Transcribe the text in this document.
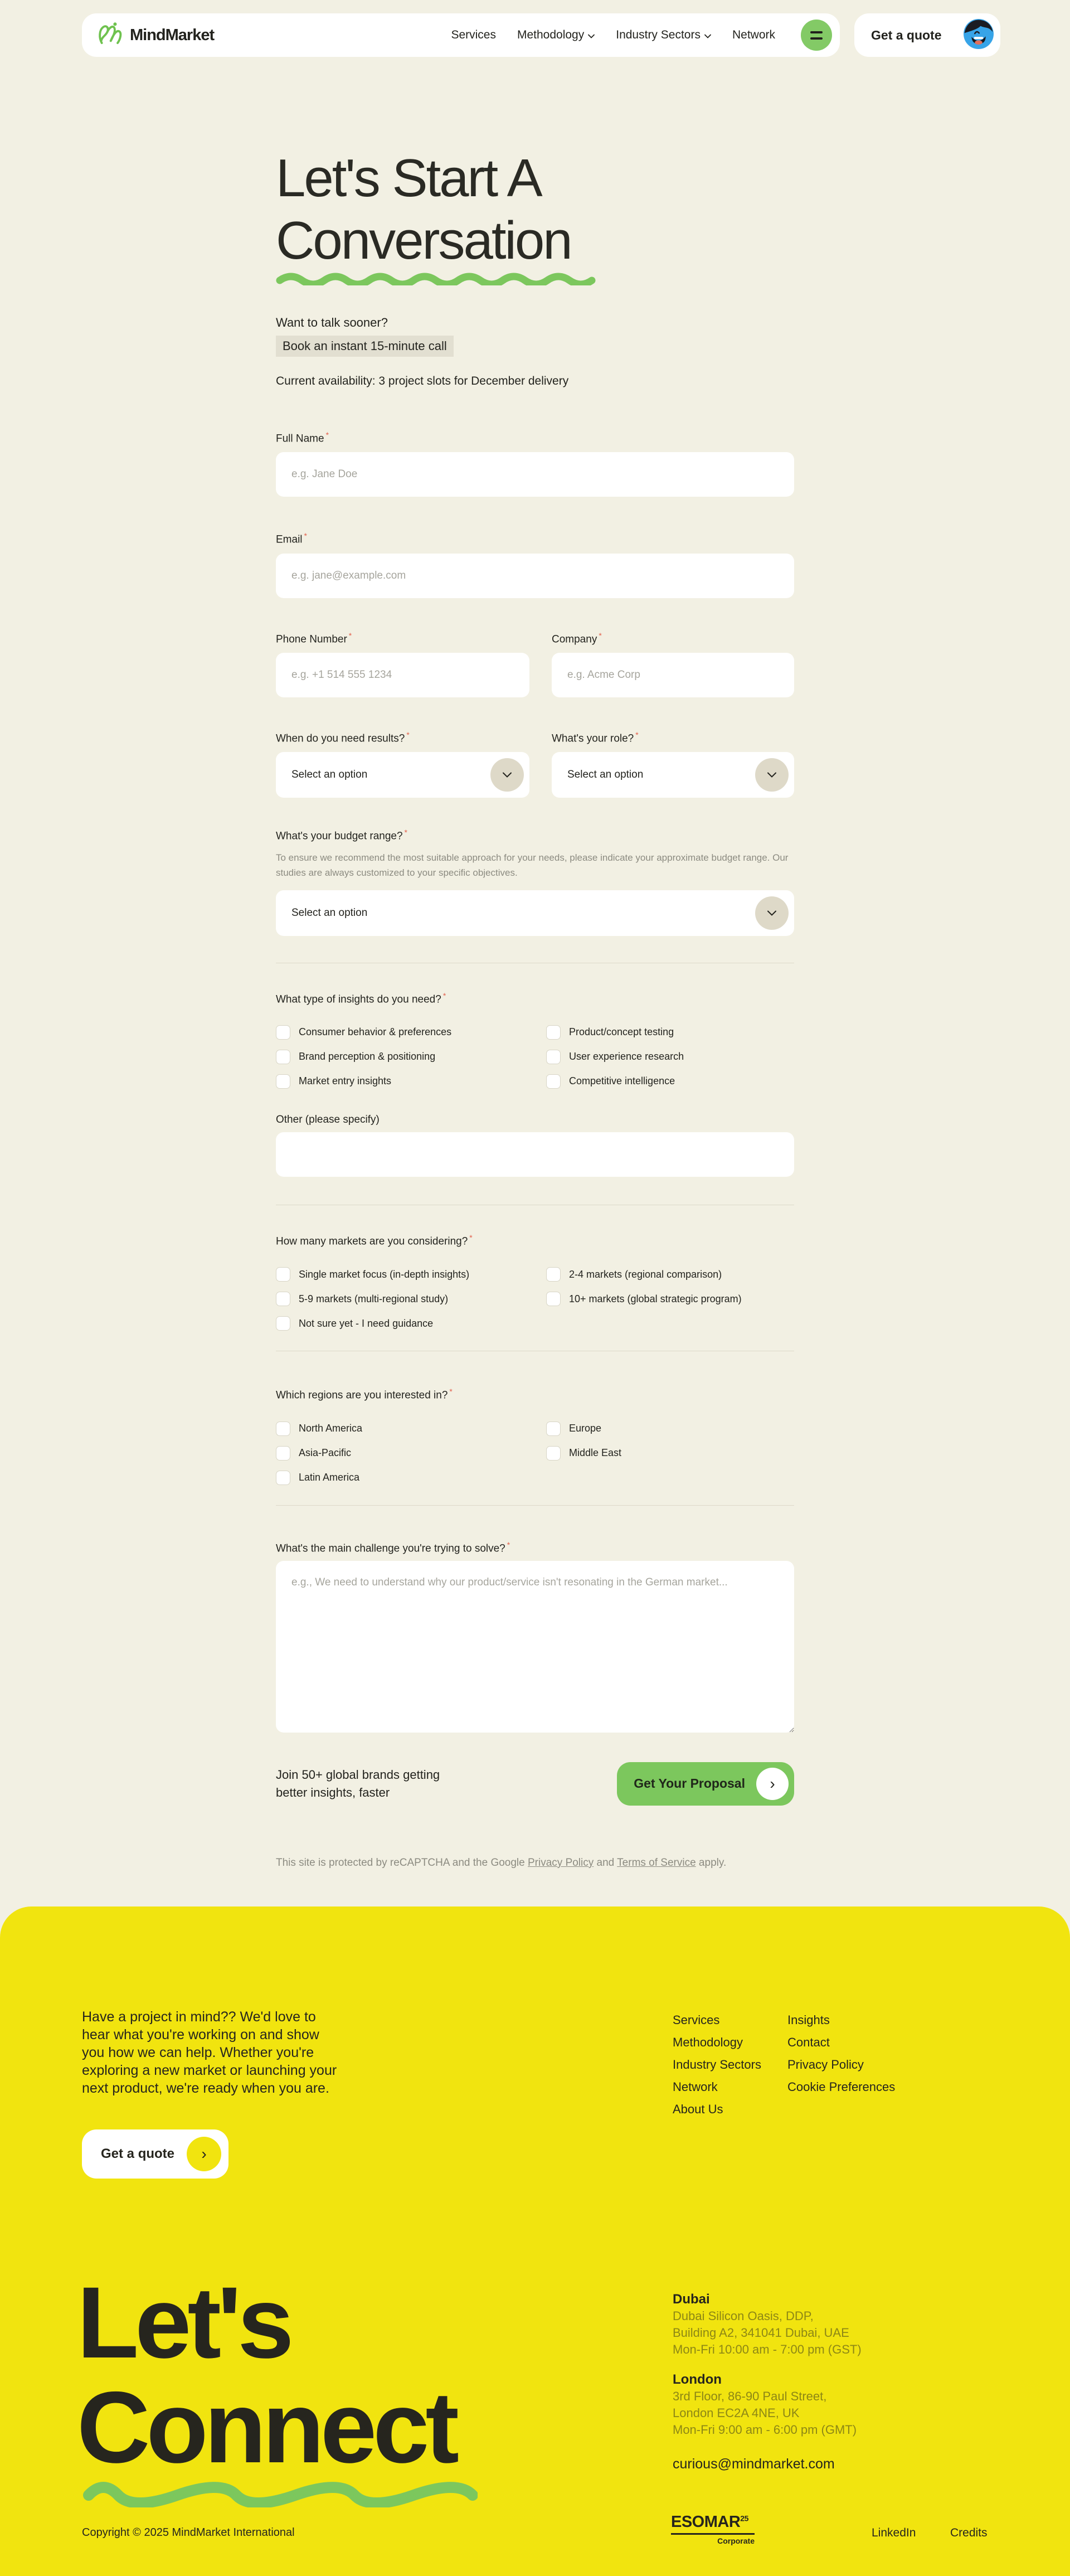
MindMarket	Services Methodology	Industry Sectors	Network	Get a quote
Let's Start A
Conversation
Want to talk sooner?
Book an instant 15-minute call
Current availability: 3 project slots for December delivery
Full Name *
e.g. Jane Doe
Email *
e.g. jane@example.com
Phone Number *
e.g. +1 514 555 1234	Company *
e.g. Acme Corp
When do you need results? *
Select an option
What's your role? *
Select an option
What's your budget range? *
To ensure we recommend the most suitable approach for your needs, please indicate your approximate budget range. Our studies are always customized to your specific objectives.
Select an option
What type of insights do you need? *
Consumer behavior & preferences	Product/concept testing
Brand perception & positioning	User experience research
Market entry insights	Competitive intelligence
Other (please specify)
How many markets are you considering? *
Single market focus (in-depth insights)	2-4 markets (regional comparison)
5-9 markets (multi-regional study)	10+ markets (global strategic program)
Not sure yet - I need guidance
Which regions are you interested in? *
North America	Europe
Asia-Pacific	Middle East
Latin America
What's the main challenge you're trying to solve? *
e.g., We need to understand why our product/service isn't resonating in the German market...
Join 50+ global brands getting
better insights, faster
Get Your Proposal	›
This site is protected by reCAPTCHA and the Google Privacy Policy and Terms of Service apply.
Have a project in mind?? We'd love to hear what you're working on and show you how we can help. Whether you're exploring a new market or launching your next product, we're ready when you are.
Services
Methodology
Industry Sectors
Network
About Us
Insights
Contact
Privacy Policy
Cookie Preferences
Get a quote	›
Let's
Connect
Dubai
Dubai Silicon Oasis, DDP,
Building A2, 341041 Dubai, UAE
Mon-Fri 10:00 am - 7:00 pm (GST)
London
3rd Floor, 86-90 Paul Street,
London EC2A 4NE, UK
Mon-Fri 9:00 am - 6:00 pm (GMT)
curious@mindmarket.com
Copyright © 2025 MindMarket International
ESOMAR$^{25}$
Corporate
LinkedIn	Credits
